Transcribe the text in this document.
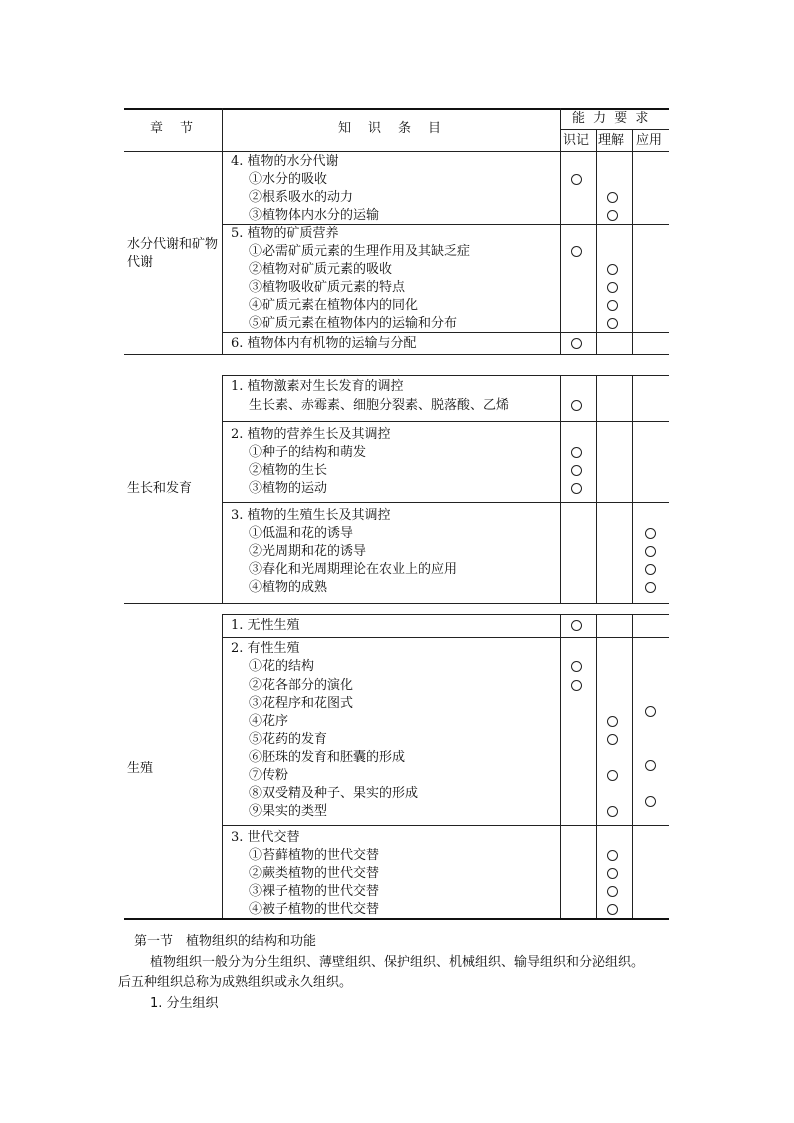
章　节	知　识　条　目
能 力 要 求
识记 理解 应用
水分代谢和矿物代谢
生长和发育
生殖
4. 植物的水分代谢
①水分的吸收
②根系吸水的动力
③植物体内水分的运输
5. 植物的矿质营养
①必需矿质元素的生理作用及其缺乏症
②植物对矿质元素的吸收
③植物吸收矿质元素的特点
④矿质元素在植物体内的同化
⑤矿质元素在植物体内的运输和分布
6. 植物体内有机物的运输与分配
1. 植物激素对生长发育的调控
生长素、赤霉素、细胞分裂素、脱落酸、乙烯
2. 植物的营养生长及其调控
①种子的结构和萌发
②植物的生长
③植物的运动
3. 植物的生殖生长及其调控
①低温和花的诱导
②光周期和花的诱导
③春化和光周期理论在农业上的应用
④植物的成熟
1. 无性生殖
2. 有性生殖
①花的结构
②花各部分的演化
③花程序和花图式
④花序
⑤花药的发育
⑥胚珠的发育和胚囊的形成
⑦传粉
⑧双受精及种子、果实的形成
⑨果实的类型
3. 世代交替
①苔藓植物的世代交替
②蕨类植物的世代交替
③裸子植物的世代交替
④被子植物的世代交替
第一节　植物组织的结构和功能
植物组织一般分为分生组织、薄壁组织、保护组织、机械组织、输导组织和分泌组织。
后五种组织总称为成熟组织或永久组织。
1. 分生组织
